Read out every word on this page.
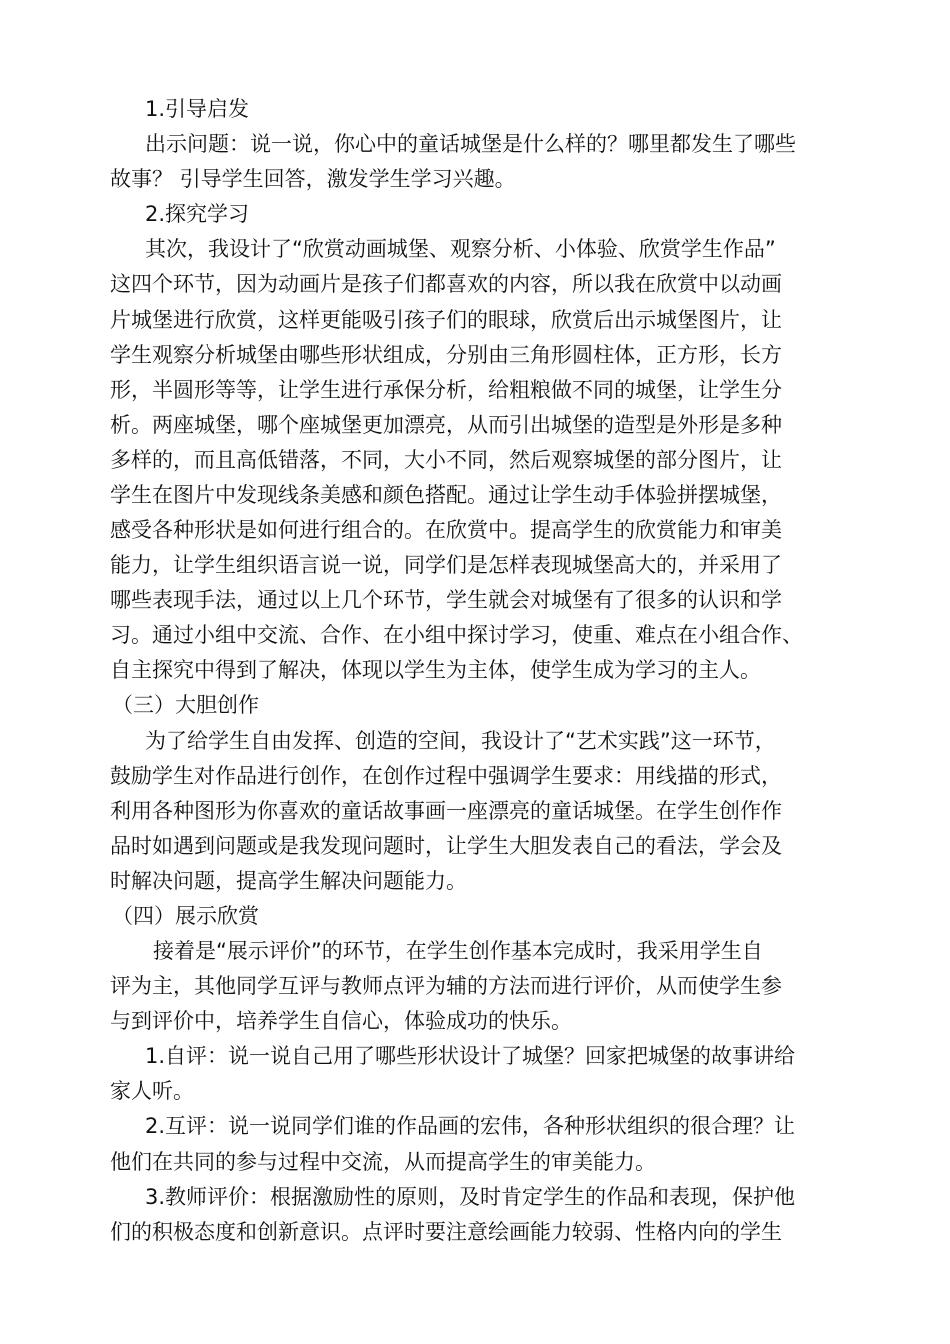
1.引导启发
出示问题：说一说，你心中的童话城堡是什么样的？哪里都发生了哪些
故事？ 引导学生回答，激发学生学习兴趣。
2.探究学习
其次，我设计了“欣赏动画城堡、观察分析、小体验、欣赏学生作品”
这四个环节，因为动画片是孩子们都喜欢的内容，所以我在欣赏中以动画
片城堡进行欣赏，这样更能吸引孩子们的眼球，欣赏后出示城堡图片，让
学生观察分析城堡由哪些形状组成，分别由三角形圆柱体，正方形，长方
形，半圆形等等，让学生进行承保分析，给粗粮做不同的城堡，让学生分
析。两座城堡，哪个座城堡更加漂亮，从而引出城堡的造型是外形是多种
多样的，而且高低错落，不同，大小不同，然后观察城堡的部分图片，让
学生在图片中发现线条美感和颜色搭配。通过让学生动手体验拼摆城堡，
感受各种形状是如何进行组合的。在欣赏中。提高学生的欣赏能力和审美
能力，让学生组织语言说一说，同学们是怎样表现城堡高大的，并采用了
哪些表现手法，通过以上几个环节，学生就会对城堡有了很多的认识和学
习。通过小组中交流、合作、在小组中探讨学习，使重、难点在小组合作、
自主探究中得到了解决，体现以学生为主体，使学生成为学习的主人。
（三）大胆创作
为了给学生自由发挥、创造的空间，我设计了“艺术实践”这一环节，
鼓励学生对作品进行创作，在创作过程中强调学生要求：用线描的形式，
利用各种图形为你喜欢的童话故事画一座漂亮的童话城堡。在学生创作作
品时如遇到问题或是我发现问题时，让学生大胆发表自己的看法，学会及
时解决问题，提高学生解决问题能力。
（四）展示欣赏
接着是“展示评价”的环节，在学生创作基本完成时，我采用学生自
评为主，其他同学互评与教师点评为辅的方法而进行评价，从而使学生参
与到评价中，培养学生自信心，体验成功的快乐。
1.自评：说一说自己用了哪些形状设计了城堡？回家把城堡的故事讲给
家人听。
2.互评：说一说同学们谁的作品画的宏伟，各种形状组织的很合理？让
他们在共同的参与过程中交流，从而提高学生的审美能力。
3.教师评价：根据激励性的原则，及时肯定学生的作品和表现，保护他
们的积极态度和创新意识。点评时要注意绘画能力较弱、性格内向的学生
